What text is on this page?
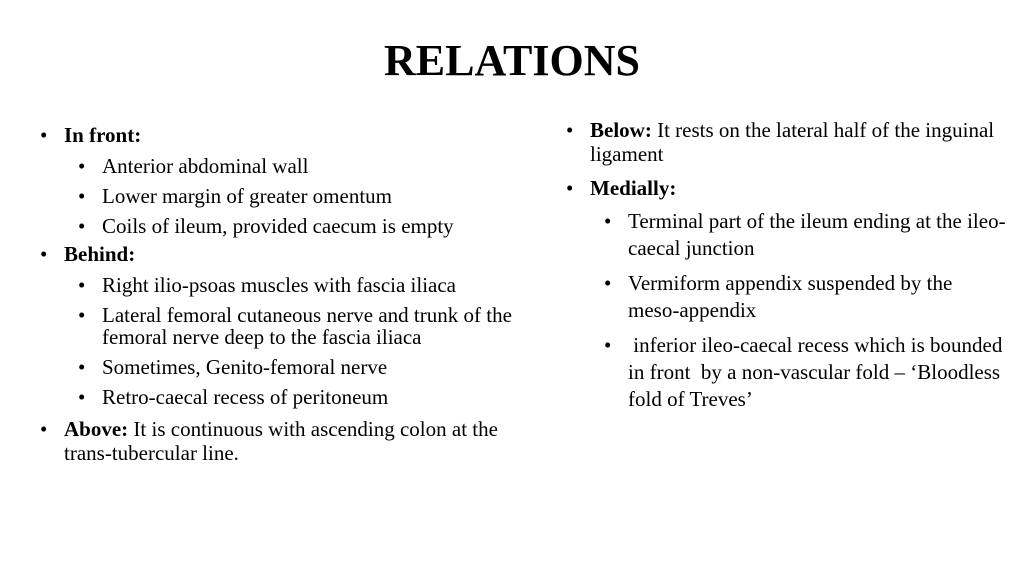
RELATIONS
• In front:
• Anterior abdominal wall
• Lower margin of greater omentum
• Coils of ileum, provided caecum is empty
• Behind:
• Right ilio-psoas muscles with fascia iliaca
• Lateral femoral cutaneous nerve and trunk of the femoral nerve deep to the fascia iliaca
• Sometimes, Genito-femoral nerve
• Retro-caecal recess of peritoneum
• Above: It is continuous with ascending colon at the trans-tubercular line.
• Below: It rests on the lateral half of the inguinal ligament
• Medially:
• Terminal part of the ileum ending at the ileo-caecal junction
• Vermiform appendix suspended by the meso-appendix
• inferior ileo-caecal recess which is bounded in front  by a non-vascular fold – ‘Bloodless fold of Treves’
